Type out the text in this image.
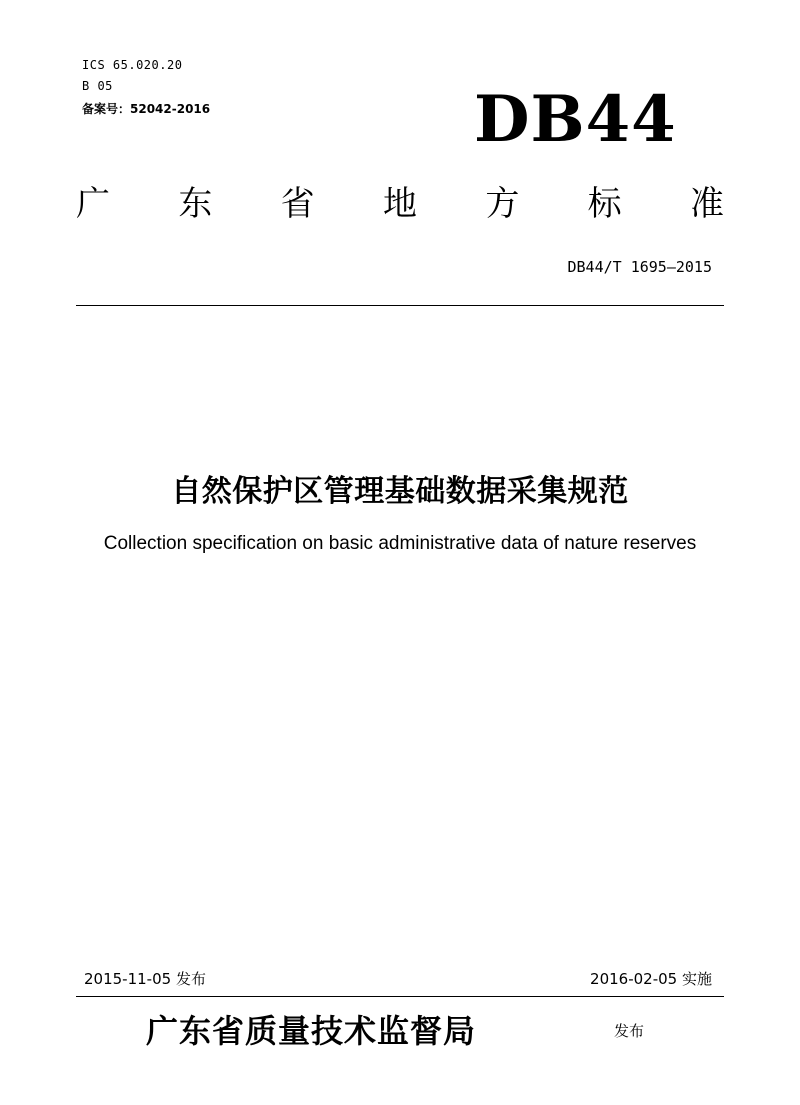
ICS 65.020.20
B 05
备案号：52042-2016	DB44
广 东 省 地 方 标 准
DB44/T 1695—2015
自然保护区管理基础数据采集规范
Collection specification on basic administrative data of nature reserves
2015-11-05 发布	2016-02-05 实施
广东省质量技术监督局	发布
